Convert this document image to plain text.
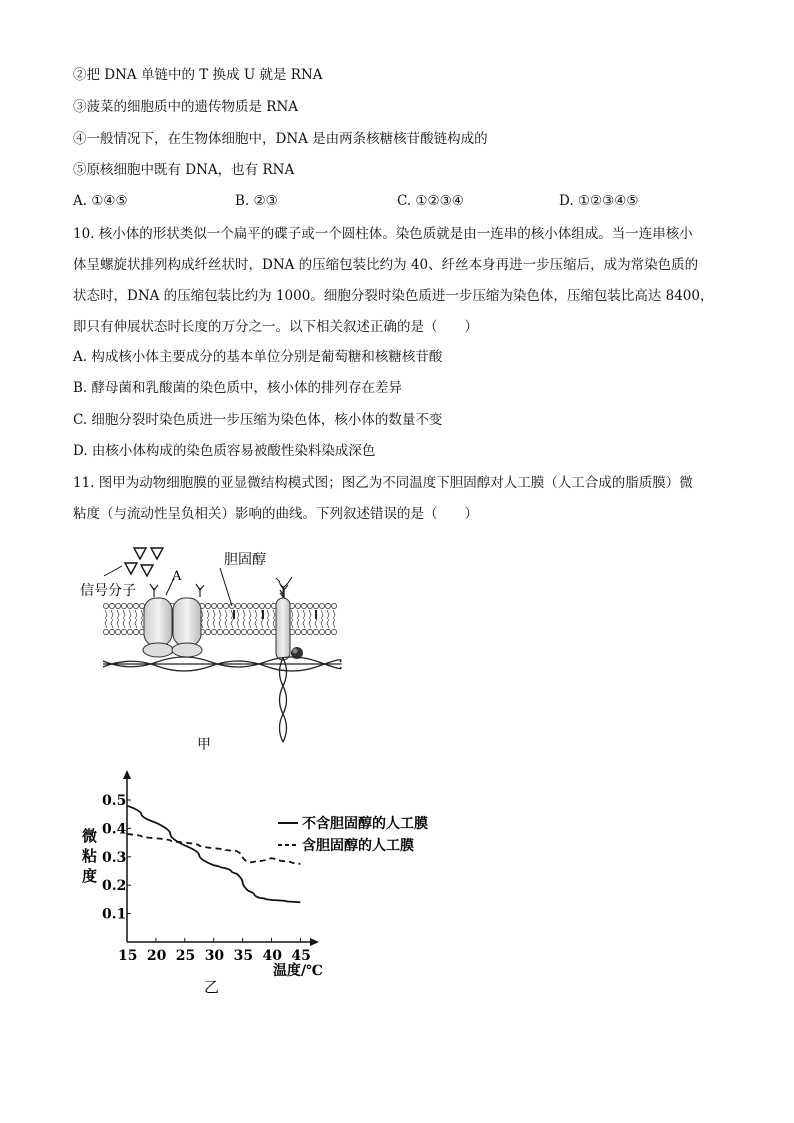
②把 DNA 单链中的 T 换成 U 就是 RNA
③菠菜的细胞质中的遗传物质是 RNA
④一般情况下，在生物体细胞中，DNA 是由两条核糖核苷酸链构成的
⑤原核细胞中既有 DNA，也有 RNA
A. ①④⑤	B. ②③	C. ①②③④	D. ①②③④⑤
10. 核小体的形状类似一个扁平的碟子或一个圆柱体。染色质就是由一连串的核小体组成。当一连串核小
体呈螺旋状排列构成纤丝状时，DNA 的压缩包装比约为 40、纤丝本身再进一步压缩后，成为常染色质的
状态时，DNA 的压缩包装比约为 1000。细胞分裂时染色质进一步压缩为染色体，压缩包装比高达 8400，
即只有伸展状态时长度的万分之一。以下相关叙述正确的是（　　）
A. 构成核小体主要成分的基本单位分别是葡萄糖和核糖核苷酸
B. 酵母菌和乳酸菌的染色质中，核小体的排列存在差异
C. 细胞分裂时染色质进一步压缩为染色体，核小体的数量不变
D. 由核小体构成的染色质容易被酸性染料染成深色
11. 图甲为动物细胞膜的亚显微结构模式图；图乙为不同温度下胆固醇对人工膜（人工合成的脂质膜）微
粘度（与流动性呈负相关）影响的曲线。下列叙述错误的是（　　）
信号分子
A
胆固醇
甲
0.1
0.2
0.3
0.4
0.5
15 20 25 30 35 40 45
微
粘
度
温度/℃
乙
不含胆固醇的人工膜
含胆固醇的人工膜
